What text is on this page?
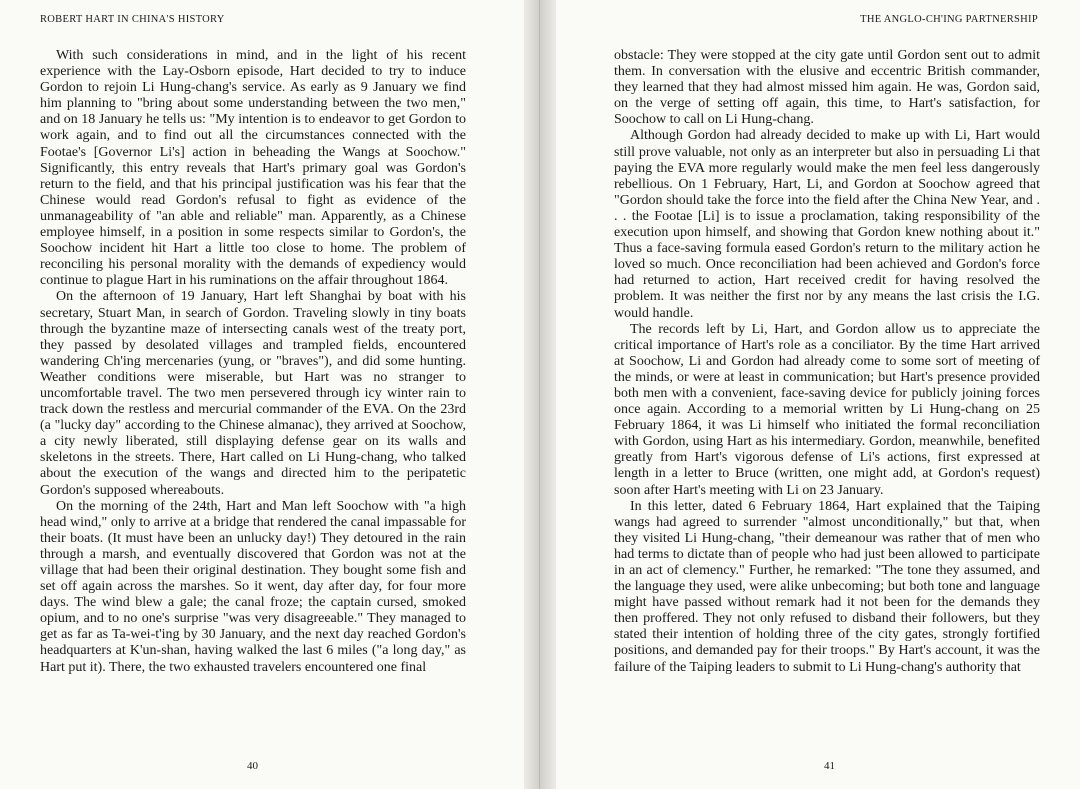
ROBERT HART IN CHINA'S HISTORY

With such considerations in mind, and in the light of his recent experience with the Lay-Osborn episode, Hart decided to try to induce Gordon to rejoin Li Hung-chang's service. As early as 9 January we find him planning to "bring about some understanding between the two men," and on 18 January he tells us: "My intention is to endeavor to get Gordon to work again, and to find out all the circumstances connected with the Footae's [Governor Li's] action in beheading the Wangs at Soochow." Significantly, this entry reveals that Hart's primary goal was Gordon's return to the field, and that his principal justification was his fear that the Chinese would read Gordon's refusal to fight as evidence of the unmanageability of "an able and reliable" man. Apparently, as a Chinese employee himself, in a position in some respects similar to Gordon's, the Soochow incident hit Hart a little too close to home. The problem of reconciling his personal morality with the demands of expediency would continue to plague Hart in his ruminations on the affair throughout 1864.

On the afternoon of 19 January, Hart left Shanghai by boat with his secretary, Stuart Man, in search of Gordon. Traveling slowly in tiny boats through the byzantine maze of intersecting canals west of the treaty port, they passed by desolated villages and trampled fields, encountered wandering Ch'ing mercenaries (yung, or "braves"), and did some hunting. Weather conditions were miserable, but Hart was no stranger to uncomfortable travel. The two men persevered through icy winter rain to track down the restless and mercurial commander of the EVA. On the 23rd (a "lucky day" according to the Chinese almanac), they arrived at Soochow, a city newly liberated, still displaying defense gear on its walls and skeletons in the streets. There, Hart called on Li Hung-chang, who talked about the execution of the wangs and directed him to the peripatetic Gordon's supposed whereabouts.

On the morning of the 24th, Hart and Man left Soochow with "a high head wind," only to arrive at a bridge that rendered the canal impassable for their boats. (It must have been an unlucky day!) They detoured in the rain through a marsh, and eventually discovered that Gordon was not at the village that had been their original destination. They bought some fish and set off again across the marshes. So it went, day after day, for four more days. The wind blew a gale; the canal froze; the captain cursed, smoked opium, and to no one's surprise "was very disagreeable." They managed to get as far as Ta-wei-t'ing by 30 January, and the next day reached Gordon's headquarters at K'un-shan, having walked the last 6 miles ("a long day," as Hart put it). There, the two exhausted travelers encountered one final

40
THE ANGLO-CH'ING PARTNERSHIP

obstacle: They were stopped at the city gate until Gordon sent out to admit them. In conversation with the elusive and eccentric British commander, they learned that they had almost missed him again. He was, Gordon said, on the verge of setting off again, this time, to Hart's satisfaction, for Soochow to call on Li Hung-chang.

Although Gordon had already decided to make up with Li, Hart would still prove valuable, not only as an interpreter but also in persuading Li that paying the EVA more regularly would make the men feel less dangerously rebellious. On 1 February, Hart, Li, and Gordon at Soochow agreed that "Gordon should take the force into the field after the China New Year, and . . . the Footae [Li] is to issue a proclamation, taking responsibility of the execution upon himself, and showing that Gordon knew nothing about it." Thus a face-saving formula eased Gordon's return to the military action he loved so much. Once reconciliation had been achieved and Gordon's force had returned to action, Hart received credit for having resolved the problem. It was neither the first nor by any means the last crisis the I.G. would handle.

The records left by Li, Hart, and Gordon allow us to appreciate the critical importance of Hart's role as a conciliator. By the time Hart arrived at Soochow, Li and Gordon had already come to some sort of meeting of the minds, or were at least in communication; but Hart's presence provided both men with a convenient, face-saving device for publicly joining forces once again. According to a memorial written by Li Hung-chang on 25 February 1864, it was Li himself who initiated the formal reconciliation with Gordon, using Hart as his intermediary. Gordon, meanwhile, benefited greatly from Hart's vigorous defense of Li's actions, first expressed at length in a letter to Bruce (written, one might add, at Gordon's request) soon after Hart's meeting with Li on 23 January.

In this letter, dated 6 February 1864, Hart explained that the Taiping wangs had agreed to surrender "almost unconditionally," but that, when they visited Li Hung-chang, "their demeanour was rather that of men who had terms to dictate than of people who had just been allowed to participate in an act of clemency." Further, he remarked: "The tone they assumed, and the language they used, were alike unbecoming; but both tone and language might have passed without remark had it not been for the demands they then proffered. They not only refused to disband their followers, but they stated their intention of holding three of the city gates, strongly fortified positions, and demanded pay for their troops." By Hart's account, it was the failure of the Taiping leaders to submit to Li Hung-chang's authority that

41
